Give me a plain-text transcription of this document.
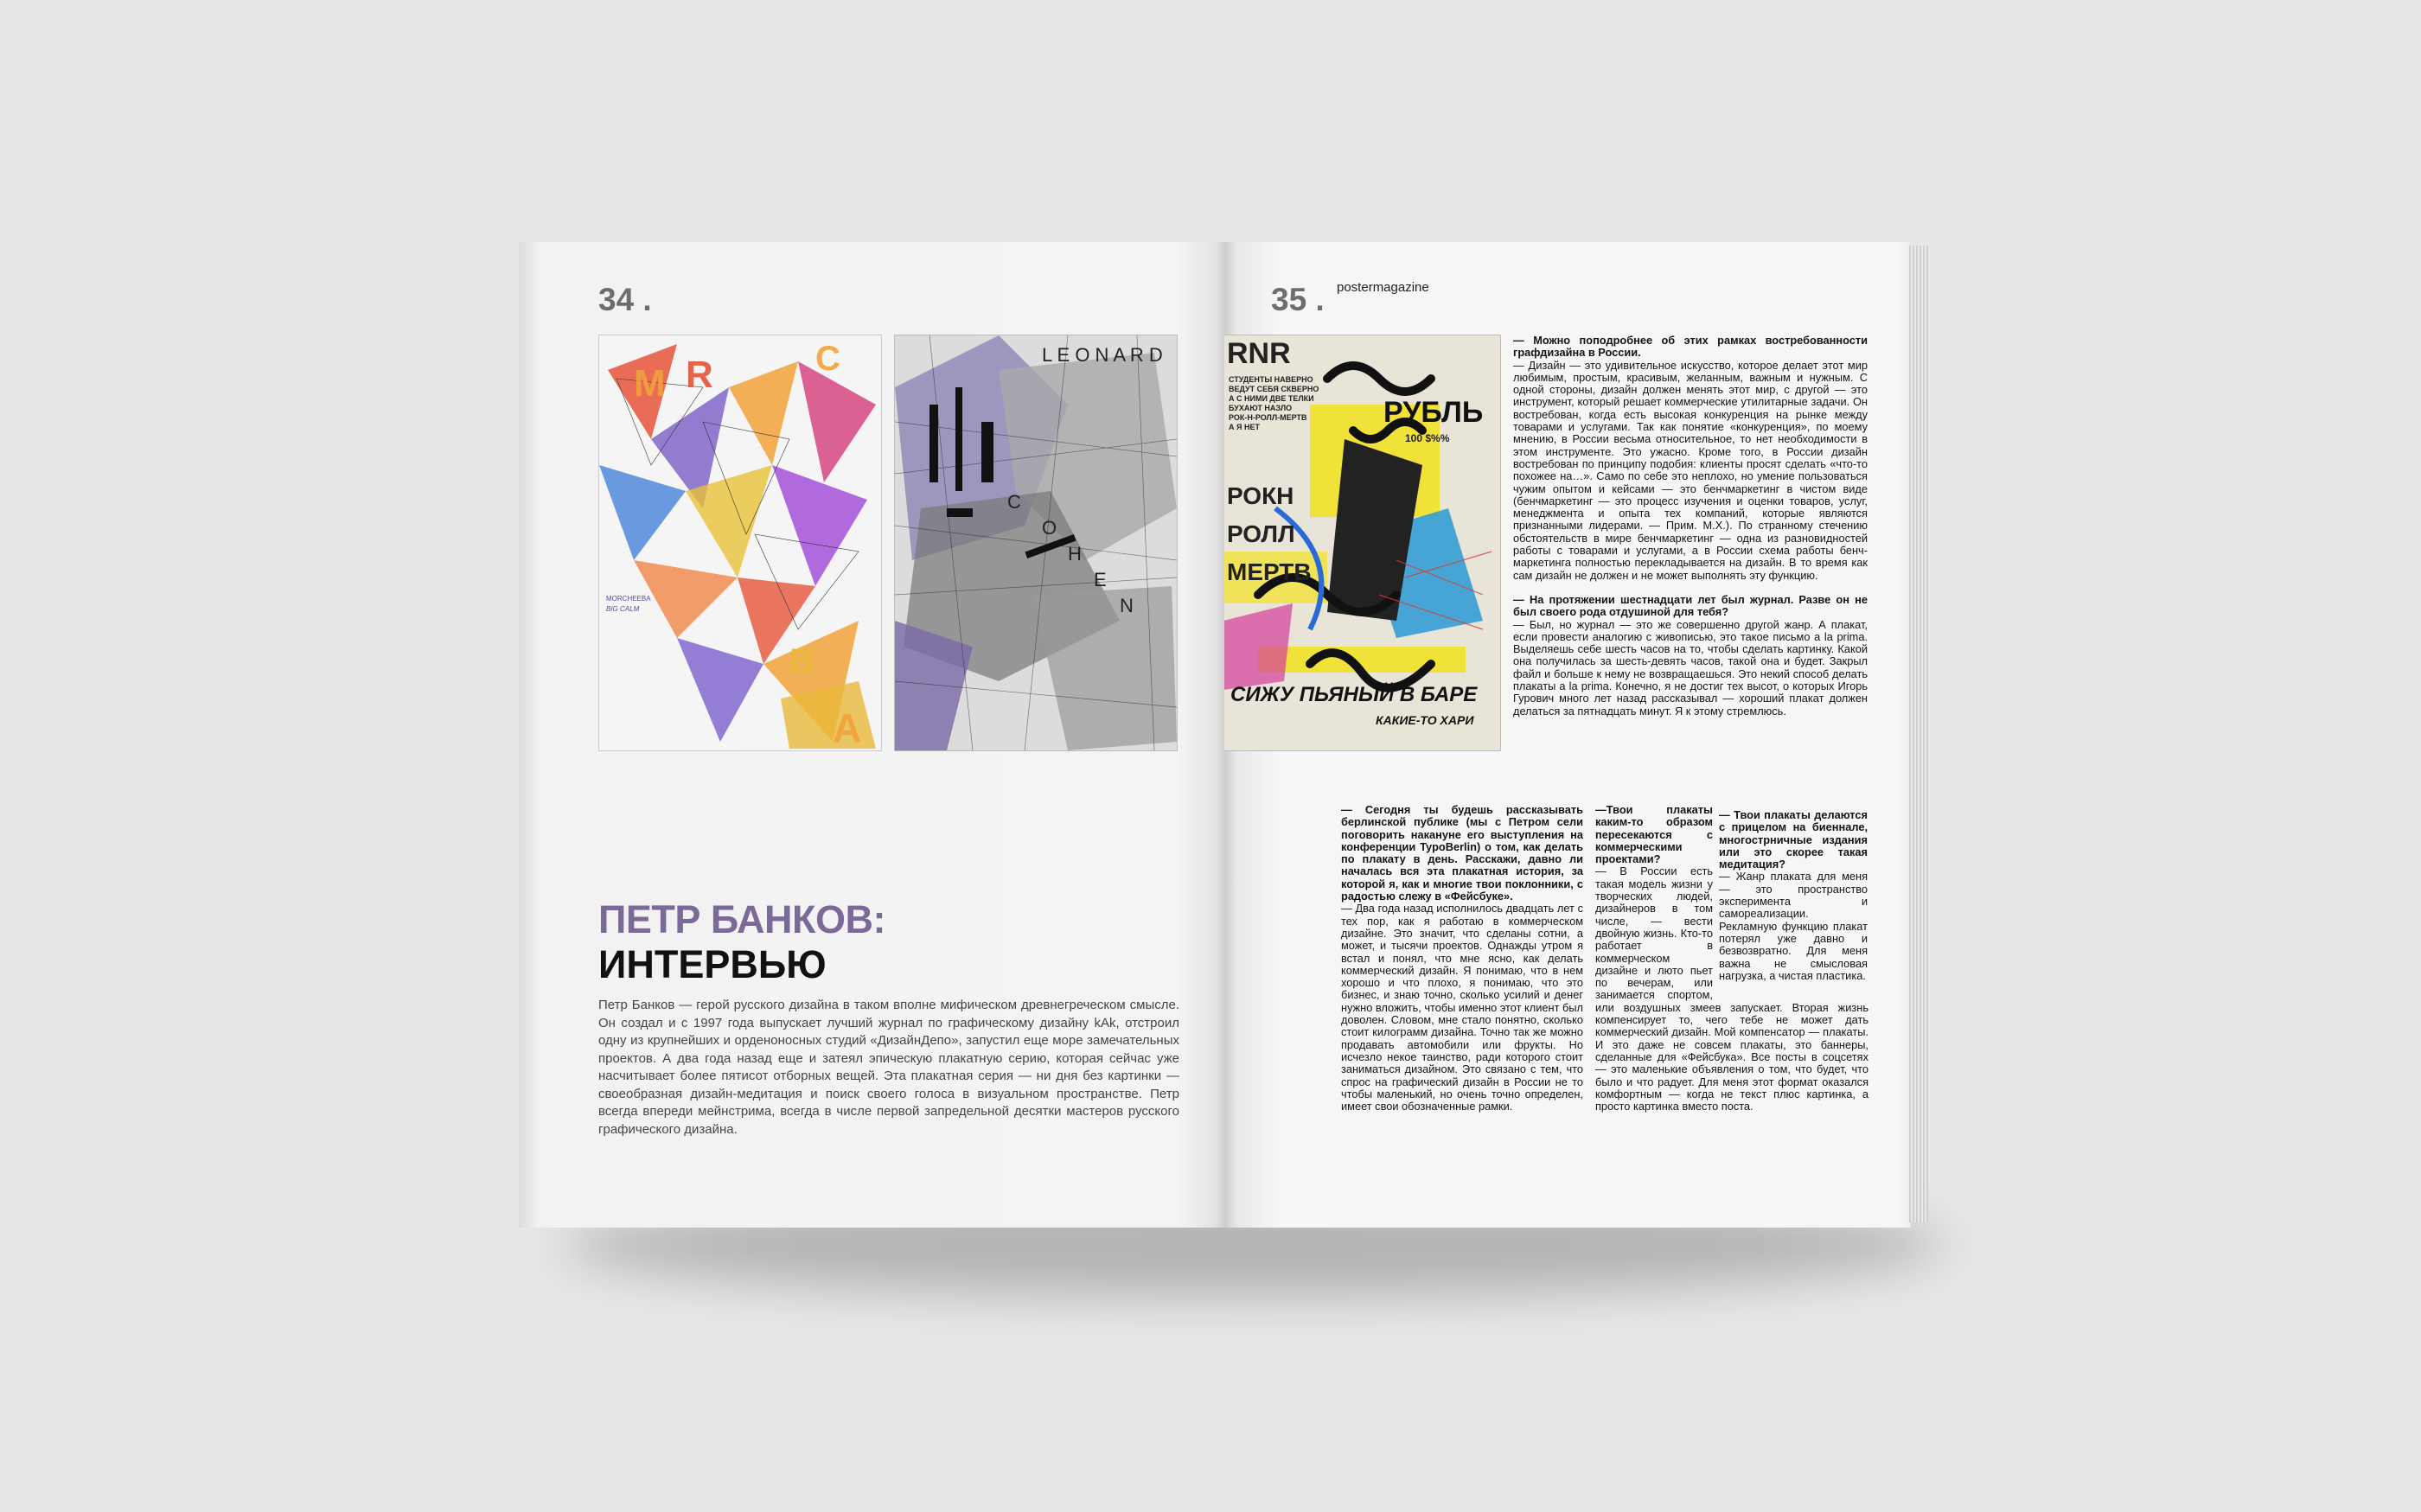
34 .
M R	C
B
A
MORCHEEBA
BIG CALM
L E O N A R D
C
O
H
E
N
ПЕТР БАНКОВ:
ИНТЕРВЬЮ
Петр Банков — герой русского дизайна в таком вполне мифическом древнегреческом смысле. Он создал и с 1997 года выпускает лучший журнал по графическому дизайну kAk, отстроил одну из крупнейших и орденоносных студий «ДизайнДепо», запустил еще море замечательных проектов. А два года назад еще и затеял эпическую плакатную серию, которая сейчас уже насчитывает более пятисот отборных вещей. Эта плакатная серия — ни дня без картинки — своеобразная дизайн-медитация и поиск своего голоса в визуальном пространстве. Петр всегда впереди мейнстрима, всегда в числе первой запредельной десятки мастеров русского графического дизайна.
35 . postermagazine
RNR
СТУДЕНТЫ НАВЕРНО
ВЕДУТ СЕБЯ СКВЕРНО
А С НИМИ ДВЕ ТЕЛКИ
БУХАЮТ НАЗЛО
РОК-Н-РОЛЛ-МЕРТВ
А Я НЕТ	РУБЛЬ
100 $%%
РОКН
РОЛЛ
МЕРТВ
СИЖУ ПЬЯНЫЙ В БАРЕ
КАКИЕ-ТО ХАРИ

— Можно поподробнее об этих рамках востребованности графдизайна в России.

— Дизайн — это удивительное искусство, которое делает этот мир любимым, простым, красивым, желанным, важным и нужным. С одной стороны, дизайн должен менять этот мир, с другой — это инструмент, который решает коммерческие утилитарные задачи. Он востребован, когда есть высокая конкуренция на рынке между товарами и услугами. Так как понятие «конкуренция», по моему мнению, в России весьма относительное, то нет необходимости в этом инструменте. Это ужасно. Кроме того, в России дизайн востребован по принципу подобия: клиенты просят сделать «что-то похожее на…». Само по себе это неплохо, но умение пользоваться чужим опытом и кейсами — это бенчмаркетинг в чистом виде (бенчмаркетинг — это процесс изучения и оценки товаров, услуг, менеджмента и опыта тех компаний, которые являются признанными лидерами. — Прим. М.Х.). По странному стечению обстоятельств в мире бенчмаркетинг — одна из разновидностей работы с товарами и услугами, а в России схема работы бенч-маркетинга полностью перекладывается на дизайн. В то время как сам дизайн не должен и не может выполнять эту функцию.

— На протяжении шестнадцати лет был журнал. Разве он не был своего рода отдушиной для тебя?

— Был, но журнал — это же совершенно другой жанр. А плакат, если провести аналогию с живописью, это такое письмо a la prima. Выделяешь себе шесть часов на то, чтобы сделать картинку. Какой она получилась за шесть-девять часов, такой она и будет. Закрыл файл и больше к нему не возвращаешься. Это некий способ делать плакаты a la prima. Конечно, я не достиг тех высот, о которых Игорь Гурович много лет назад рассказывал — хороший плакат должен делаться за пятнадцать минут. Я к этому стремлюсь.

— Сегодня ты будешь рассказывать берлинской публике (мы с Петром сели поговорить накануне его выступления на конференции TypoBerlin) о том, как делать по плакату в день. Расскажи, давно ли началась вся эта плакатная история, за которой я, как и многие твои поклонники, с радостью слежу в «Фейсбуке».

— Два года назад исполнилось двадцать лет с тех пор, как я работаю в коммерческом дизайне. Это значит, что сделаны сотни, а может, и тысячи проектов. Однажды утром я встал и понял, что мне ясно, как делать коммерческий дизайн. Я понимаю, что в нем хорошо и что плохо, я понимаю, что это бизнес, и знаю точно, сколько усилий и денег нужно вложить, чтобы именно этот клиент был доволен. Словом, мне стало понятно, сколько стоит килограмм дизайна. Точно так же можно продавать автомобили или фрукты. Но исчезло некое таинство, ради которого стоит заниматься дизайном. Это связано с тем, что спрос на графический дизайн в России не то чтобы маленький, но очень точно определен, имеет свои обозначенные рамки.

—Твои плакаты каким-то образом пересекаются с коммерческими проектами?

— В России есть такая модель жизни у творческих людей, дизайнеров в том числе, — вести двойную жизнь. Кто-то работает в коммерческом дизайне и люто пьет по вечерам, или занимается спортом, или воздушных змеев запускает. Вторая жизнь компенсирует то, чего тебе не может дать коммерческий дизайн. Мой компенсатор — плакаты. И это даже не совсем плакаты, это баннеры, сделанные для «Фейсбука». Все посты в соцсетях — это маленькие объявления о том, что будет, что было и что радует. Для меня этот формат оказался комфортным — когда не текст плюс картинка, а просто картинка вместо поста.

— Твои плакаты делаются с прицелом на биеннале, многострничные издания или это скорее такая медитация?

— Жанр плаката для меня — это пространство экспериментa и самореализации. Рекламную функцию плакат потерял уже давно и безвозвратно. Для меня важна не смысловая нагрузка, а чистая пластика.
